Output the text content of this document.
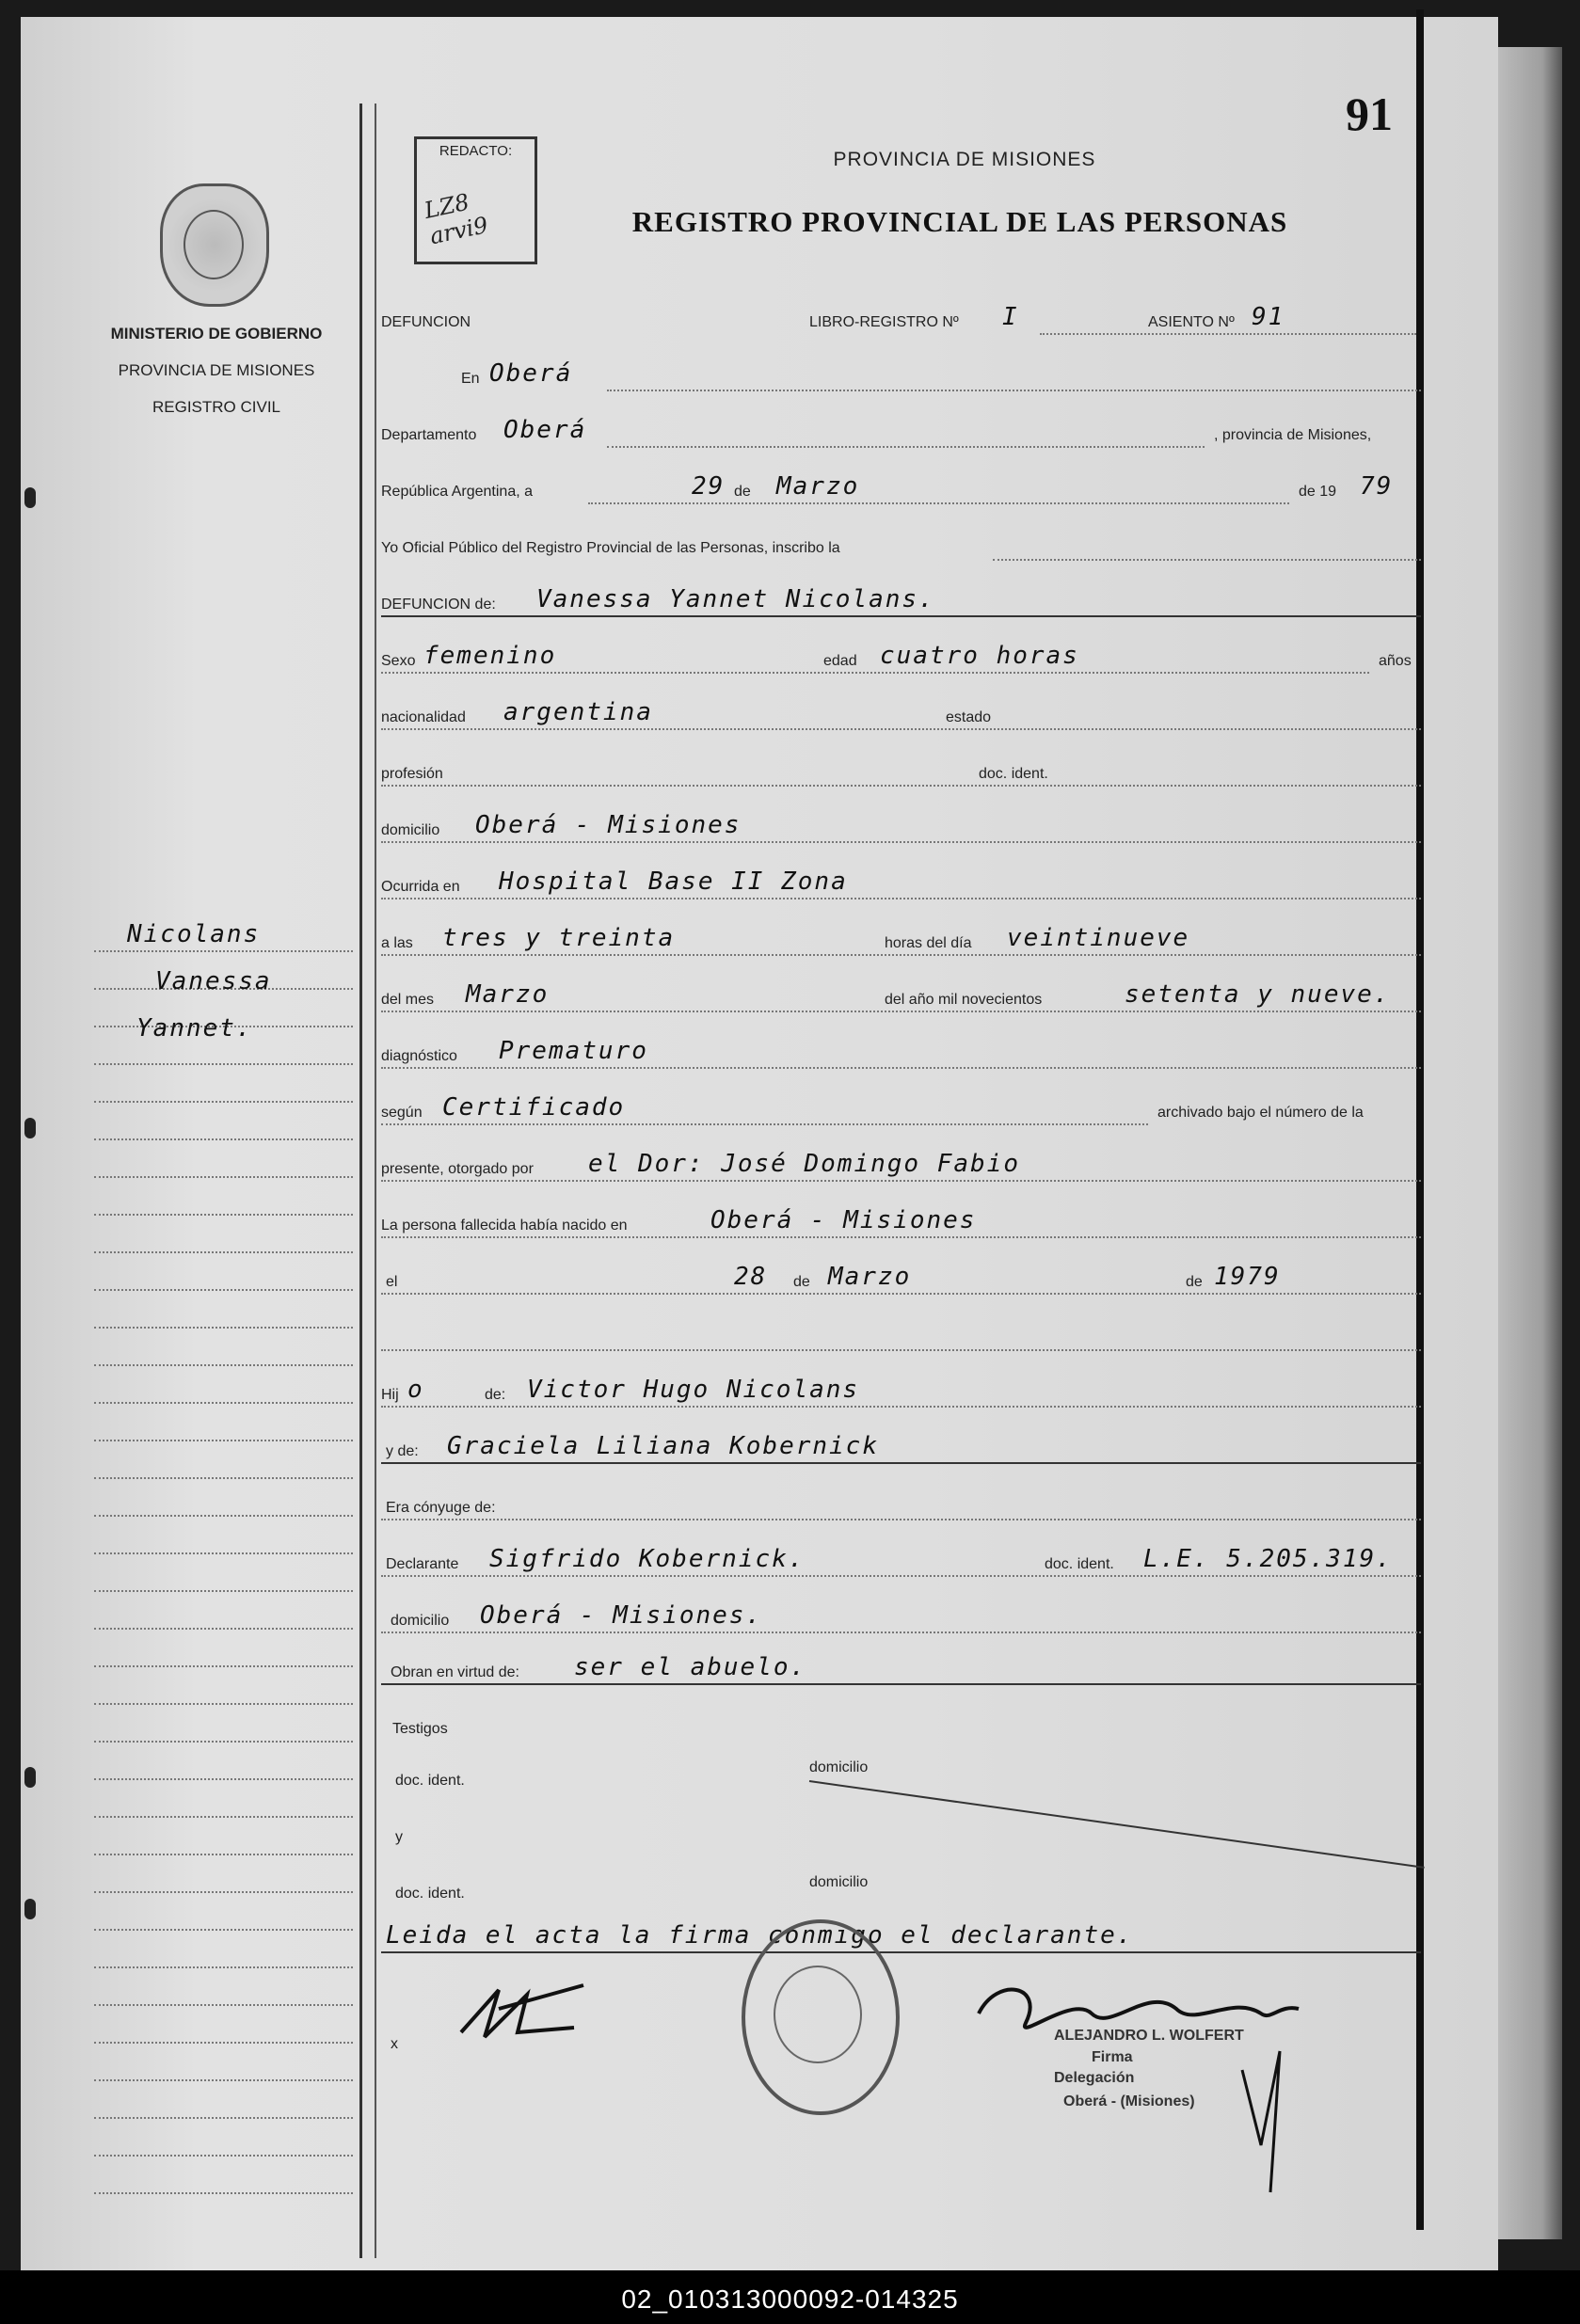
91
REDACTO:
LZ8 arvi9
MINISTERIO DE GOBIERNO
PROVINCIA DE MISIONES
REGISTRO CIVIL
PROVINCIA DE MISIONES
REGISTRO PROVINCIAL DE LAS PERSONAS
DEFUNCION	LIBRO-REGISTRO Nº I	ASIENTO Nº 91
En Oberá
Departamento Oberá	, provincia de Misiones,
República Argentina, a	29 de Marzo	de 19 79
Yo Oficial Público del Registro Provincial de las Personas, inscribo la
DEFUNCION de: Vanessa Yannet Nicolans.
Sexo femenino	edad cuatro horas	años
nacionalidad argentina	estado
profesión	doc. ident.
domicilio Oberá - Misiones
Ocurrida en Hospital Base II Zona
a las tres y treinta	horas del día veintinueve
del mes Marzo	del año mil novecientos	setenta y nueve.
diagnóstico Prematuro
según Certificado	archivado bajo el número de la
presente, otorgado por el Dor: José Domingo Fabio
La persona fallecida había nacido en	Oberá - Misiones
el	28 de Marzo	de 1979
Hij o	de: Victor Hugo Nicolans
y de: Graciela Liliana Kobernick
Era cónyuge de:
Declarante Sigfrido Kobernick.	doc. ident. L.E. 5.205.319.
domicilio Oberá - Misiones.
Obran en virtud de: ser el abuelo.
Testigos
doc. ident.
domicilio
y
doc. ident.
domicilio
Leida el acta la firma conmigo el declarante.
x
ALEJANDRO L. WOLFERT
Firma
Delegación
Oberá - (Misiones)
Nicolans
Vanessa
Yannet.
02_010313000092-014325
